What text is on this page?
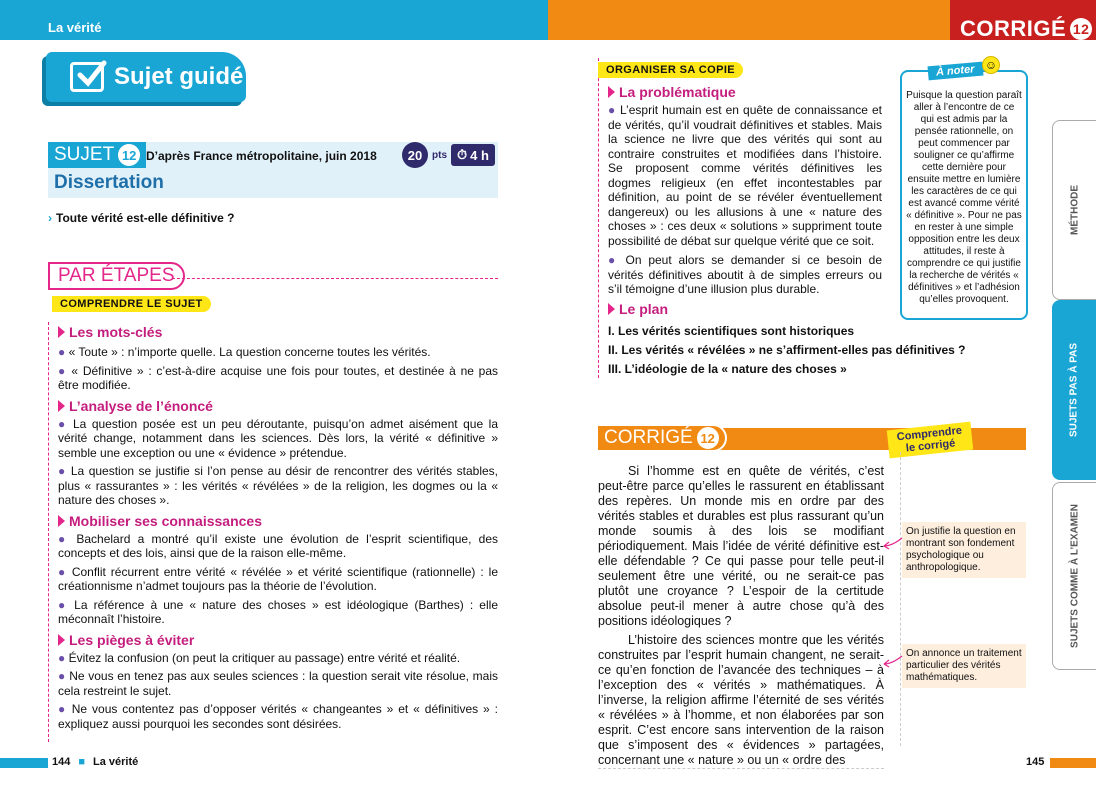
La vérité	CORRIGÉ 12
Sujet guidé
SUJET 12 D’après France métropolitaine, juin 2018	20 pts ⏱ 4 h
Dissertation
› Toute vérité est-elle définitive ?
PAR ÉTAPES
COMPRENDRE LE SUJET
Les mots-clés

● « Toute » : n’importe quelle. La question concerne toutes les vérités.

● « Définitive » : c’est-à-dire acquise une fois pour toutes, et destinée à ne pas être modifiée.

L’analyse de l’énoncé

● La question posée est un peu déroutante, puisqu’on admet aisément que la vérité change, notamment dans les sciences. Dès lors, la vérité « définitive » semble une exception ou une « évidence » prétendue.

● La question se justifie si l’on pense au désir de rencontrer des vérités stables, plus « rassurantes » : les vérités « révélées » de la religion, les dogmes ou la « nature des choses ».

Mobiliser ses connaissances

● Bachelard a montré qu’il existe une évolution de l’esprit scientifique, des concepts et des lois, ainsi que de la raison elle-même.

● Conflit récurrent entre vérité « révélée » et vérité scientifique (rationnelle) : le créationnisme n’admet toujours pas la théorie de l’évolution.

● La référence à une « nature des choses » est idéologique (Barthes) : elle méconnaît l’histoire.

Les pièges à éviter

● Évitez la confusion (on peut la critiquer au passage) entre vérité et réalité.

● Ne vous en tenez pas aux seules sciences : la question serait vite résolue, mais cela restreint le sujet.

● Ne vous contentez pas d’opposer vérités « changeantes » et « définitives » : expliquez aussi pourquoi les secondes sont désirées.

ORGANISER SA COPIE
La problématique

● L’esprit humain est en quête de connaissance et de vérités, qu’il voudrait définitives et stables. Mais la science ne livre que des vérités qui sont au contraire construites et modifiées dans l’histoire. Se proposent comme vérités définitives les dogmes religieux (en effet incontestables par définition, au point de se révéler éventuellement dangereux) ou les allusions à une « nature des choses » : ces deux « solutions » suppriment toute possibilité de débat sur quelque vérité que ce soit.

● On peut alors se demander si ce besoin de vérités définitives aboutit à de simples erreurs ou s’il témoigne d’une illusion plus durable.

Le plan
I. Les vérités scientifiques sont historiques
II. Les vérités « révélées » ne s’affirment-elles pas définitives ?
III. L’idéologie de la « nature des choses »
Puisque la question paraît aller à l’encontre de ce qui est admis par la pensée rationnelle, on peut commencer par souligner ce qu’affirme cette dernière pour ensuite mettre en lumière les caractères de ce qui est avancé comme vérité « définitive ». Pour ne pas en rester à une simple opposition entre les deux attitudes, il reste à comprendre ce qui justifie la recherche de vérités « définitives » et l’adhésion qu’elles provoquent.
À noter ☺
CORRIGÉ 12	Comprendre le corrigé

Si l’homme est en quête de vérités, c’est peut-être parce qu’elles le rassurent en établissant des repères. Un monde mis en ordre par des vérités stables et durables est plus rassurant qu’un monde soumis à des lois se modifiant périodiquement. Mais l’idée de vérité définitive est-elle défendable ? Ce qui passe pour telle peut-il seulement être une vérité, ou ne serait-ce pas plutôt une croyance ? L’espoir de la certitude absolue peut-il mener à autre chose qu’à des positions idéologiques ?

L’histoire des sciences montre que les vérités construites par l’esprit humain changent, ne serait-ce qu’en fonction de l’avancée des techniques – à l’exception des « vérités » mathématiques. À l’inverse, la religion affirme l’éternité de ses vérités « révélées » à l’homme, et non élaborées par son esprit. C’est encore sans intervention de la raison que s’imposent des « évidences » partagées, concernant une « nature » ou un « ordre des

On justifie la question en montrant son fondement psychologique ou anthropologique.
On annonce un traitement particulier des vérités mathématiques.
MÉTHODE
SUJETS PAS À PAS
SUJETS COMME À L’EXAMEN
144 ■ La vérité	145
